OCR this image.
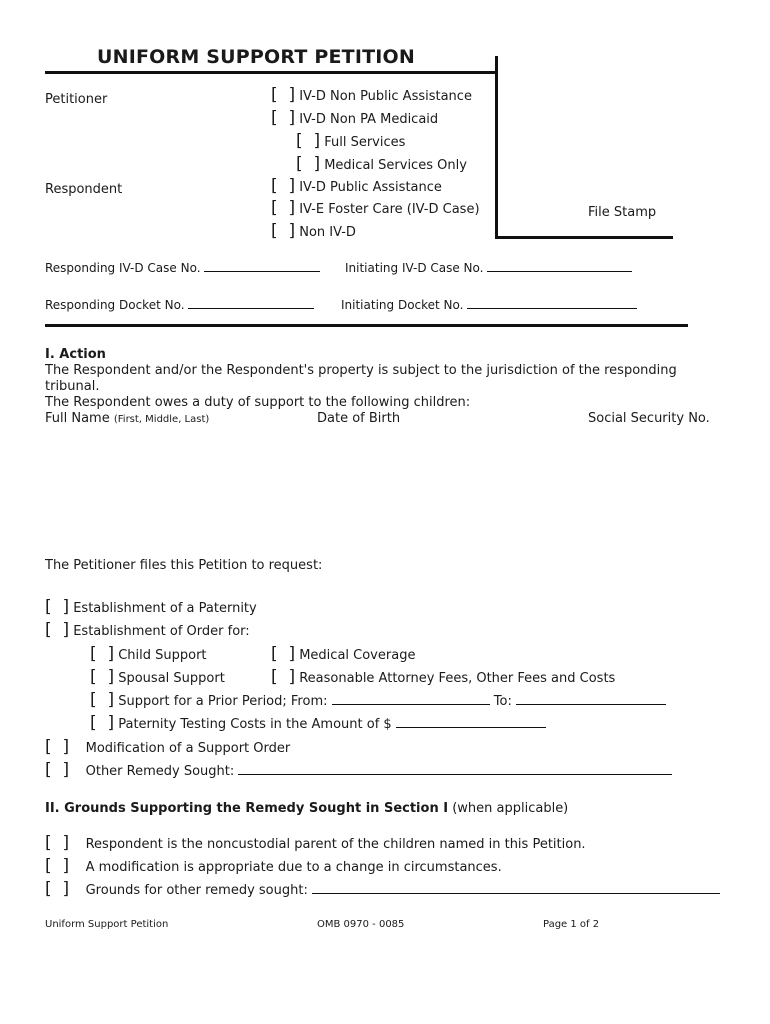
UNIFORM SUPPORT PETITION
File Stamp
Petitioner
Respondent
[  ] IV-D Non Public Assistance
[  ] IV-D Non PA Medicaid
[  ] Full Services
[  ] Medical Services Only
[  ] IV-D Public Assistance
[  ] IV-E Foster Care (IV-D Case)
[  ] Non IV-D
Responding IV-D Case No.	Initiating IV-D Case No.
Responding Docket No.	Initiating Docket No.
I. Action
The Respondent and/or the Respondent's property is subject to the jurisdiction of the responding
tribunal.
The Respondent owes a duty of support to the following children:
Full Name (First, Middle, Last)	Date of Birth	Social Security No.
The Petitioner files this Petition to request:
[  ] Establishment of a Paternity
[  ] Establishment of Order for:
[  ] Child Support	[  ] Medical Coverage
[  ] Spousal Support	[  ] Reasonable Attorney Fees, Other Fees and Costs
[  ] Support for a Prior Period; From:	To:
[  ] Paternity Testing Costs in the Amount of $
[  ] Modification of a Support Order
[  ] Other Remedy Sought:
II. Grounds Supporting the Remedy Sought in Section I (when applicable)
[  ] Respondent is the noncustodial parent of the children named in this Petition.
[  ] A modification is appropriate due to a change in circumstances.
[  ] Grounds for other remedy sought:
Uniform Support Petition	OMB 0970 - 0085	Page 1 of 2
